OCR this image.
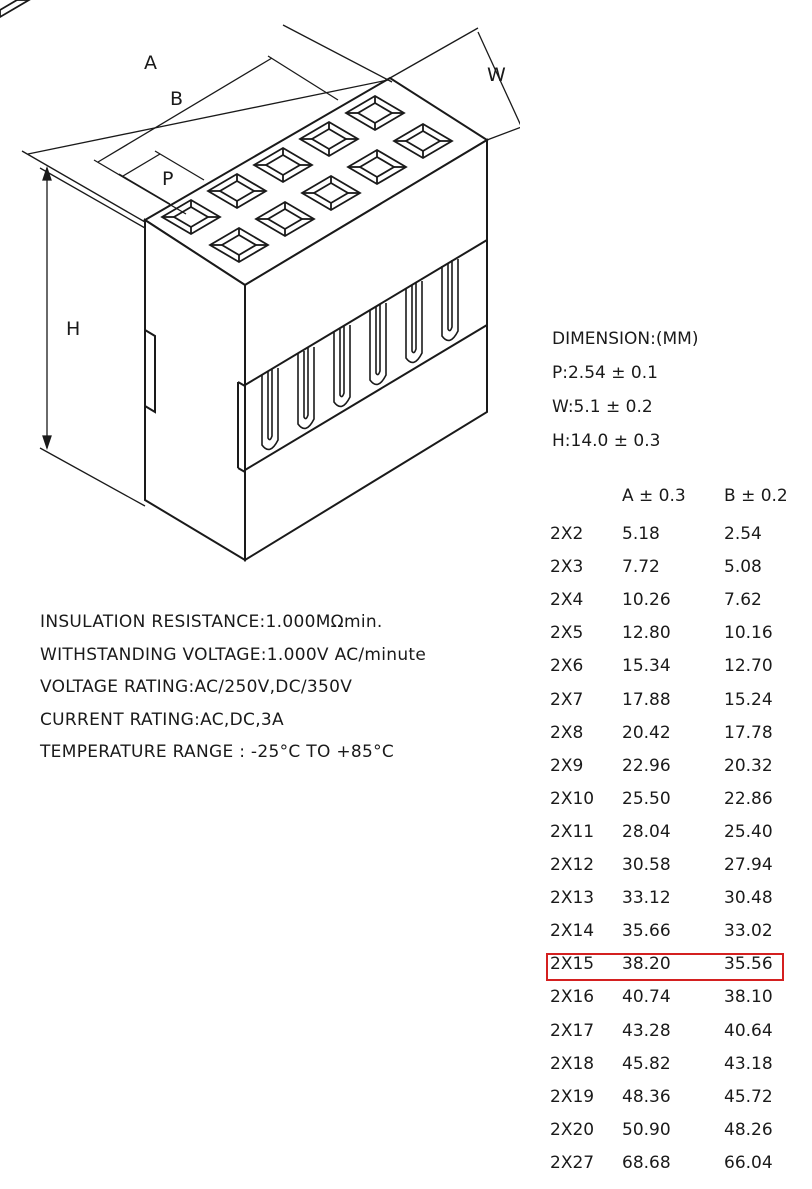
A
B
P
W
H	DIMENSION:(MM)
P:2.54 ± 0.1
W:5.1 ± 0.2
H:14.0 ± 0.3
INSULATION RESISTANCE:1.000MΩmin.
WITHSTANDING VOLTAGE:1.000V AC/minute
VOLTAGE RATING:AC/250V,DC/350V
CURRENT RATING:AC,DC,3A
TEMPERATURE RANGE : -25°C TO +85°C
A ± 0.3 B ± 0.2
2X2 5.18	2.54
2X3 7.72	5.08
2X4 10.26	7.62
2X5 12.80	10.16
2X6 15.34	12.70
2X7 17.88	15.24
2X8 20.42	17.78
2X9 22.96	20.32
2X10 25.50	22.86
2X11 28.04	25.40
2X12 30.58	27.94
2X13 33.12	30.48
2X14 35.66	33.02
2X15 38.20	35.56
2X16 40.74	38.10
2X17 43.28	40.64
2X18 45.82	43.18
2X19 48.36	45.72
2X20 50.90	48.26
2X27 68.68	66.04
